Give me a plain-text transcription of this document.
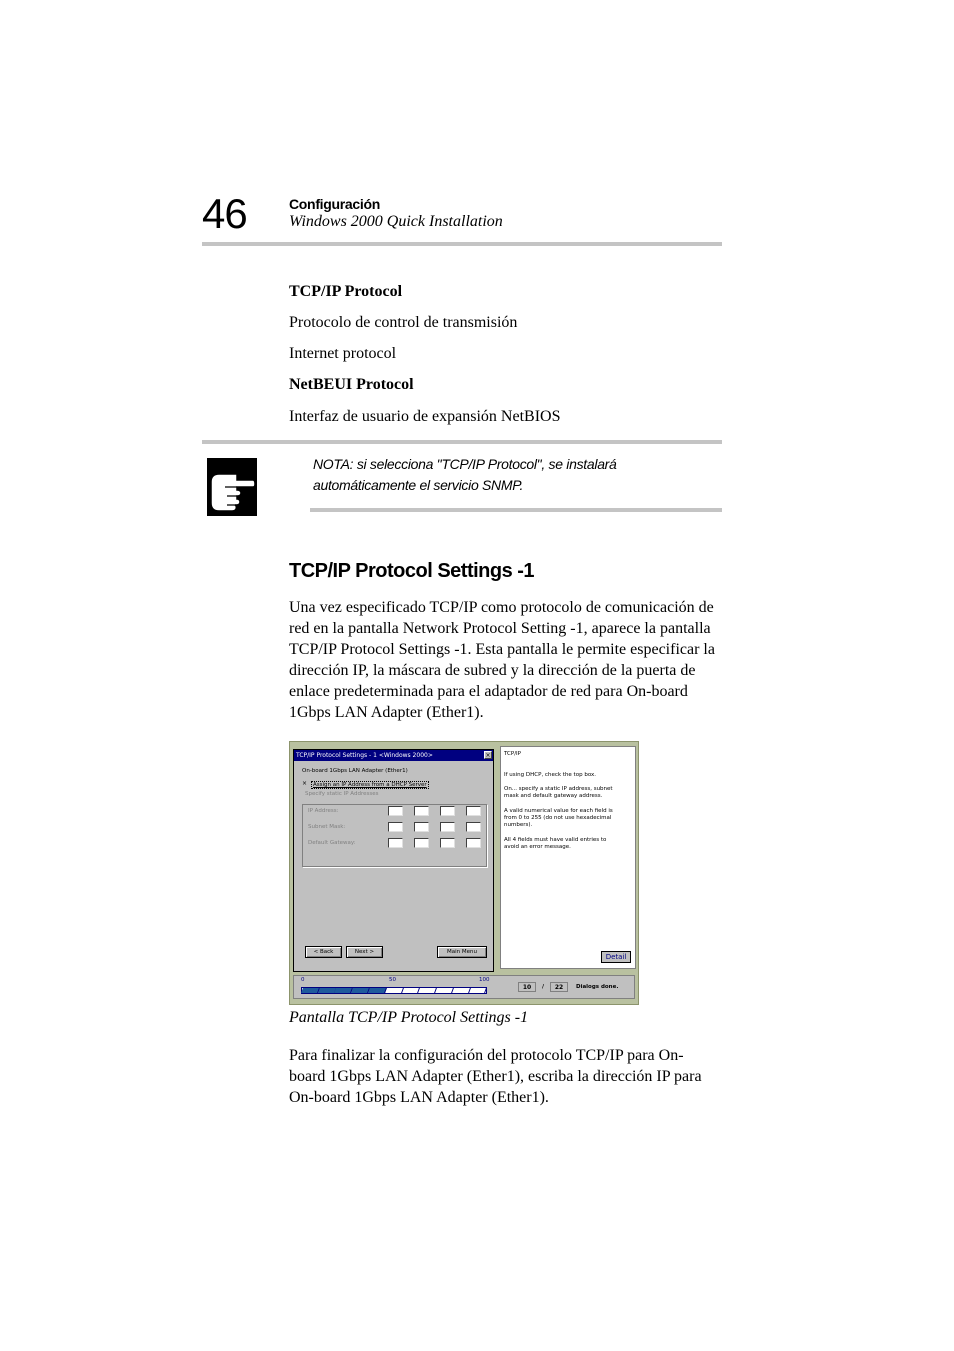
46	Configuración
Windows 2000 Quick Installation
TCP/IP Protocol
Protocolo de control de transmisión
Internet protocol
NetBEUI Protocol
Interfaz de usuario de expansión NetBIOS
NOTA: si selecciona "TCP/IP Protocol", se instalará
automáticamente el servicio SNMP.
TCP/IP Protocol Settings -1
Una vez especificado TCP/IP como protocolo de comunicación de
red en la pantalla Network Protocol Setting -1, aparece la pantalla
TCP/IP Protocol Settings -1. Esta pantalla le permite especificar la
dirección IP, la máscara de subred y la dirección de la puerta de
enlace predeterminada para el adaptador de red para On-board
1Gbps LAN Adapter (Ether1).
TCP/IP Protocol Settings - 1 <Windows 2000>	×
On-board 1Gbps LAN Adapter (Ether1)
×	Assign an IP Address from a DHCP Server
Specify static IP Addresses
IP Address:
Subnet Mask:
Default Gateway:
< Back	Next >	Main Menu
TCP/IP
If using DHCP, check the top box.
On... specify a static IP address, subnet
mask and default gateway address.
A valid numerical value for each field is
from 0 to 255 (do not use hexadecimal
numbers).
All 4 fields must have valid entries to
avoid an error message.
Detail
0	50	100
10	/	22	Dialogs done.
Pantalla TCP/IP Protocol Settings -1
Para finalizar la configuración del protocolo TCP/IP para On-
board 1Gbps LAN Adapter (Ether1), escriba la dirección IP para
On-board 1Gbps LAN Adapter (Ether1).
